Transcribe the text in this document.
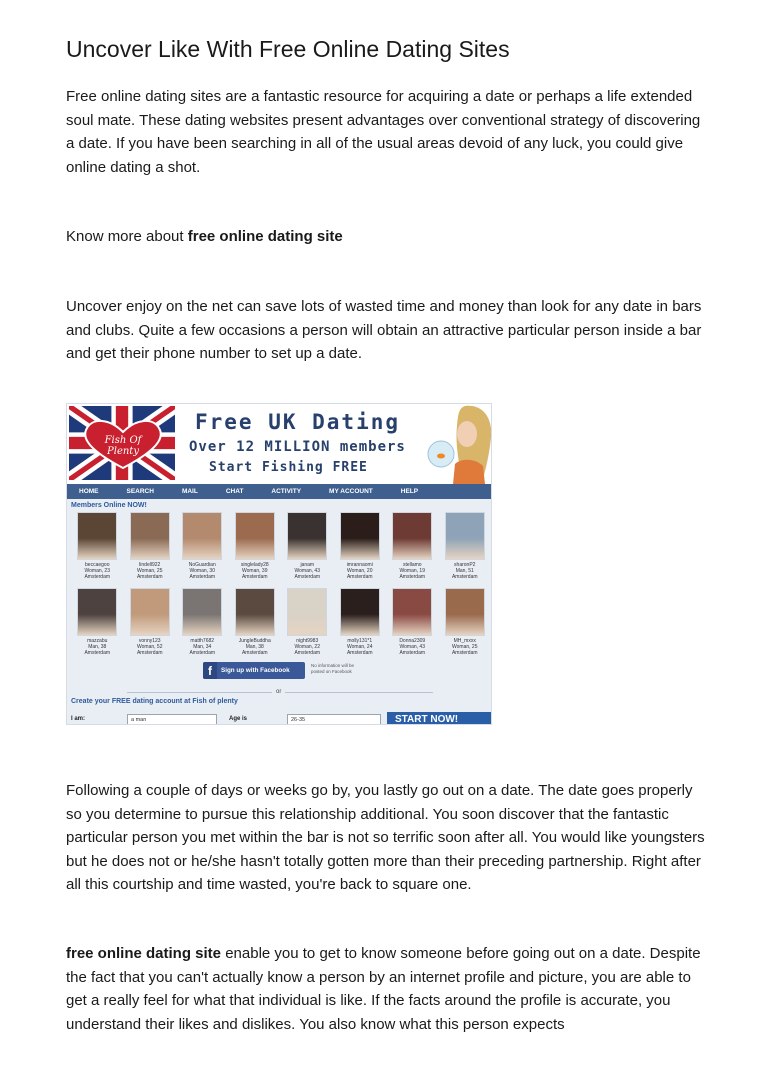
Uncover Like With Free Online Dating Sites

Free online dating sites are a fantastic resource for acquiring a date or perhaps a life extended soul mate. These dating websites present advantages over conventional strategy of discovering a date. If you have been searching in all of the usual areas devoid of any luck, you could give online dating a shot.

Know more about free online dating site

Uncover enjoy on the net can save lots of wasted time and money than look for any date in bars and clubs. Quite a few occasions a person will obtain an attractive particular person inside a bar and get their phone number to set up a date.

Fish Of
Plenty
Free UK Dating
Over 12 MILLION members
Start Fishing FREE
HOME	SEARCH	MAIL	CHAT	ACTIVITY	MY ACCOUNT	HELP
Members Online NOW!
beccaegoo
Woman, 23
Amsterdam
lindell922
Woman, 25
Amsterdam
NoGuardian
Woman, 30
Amsterdam
singlelady28
Woman, 39
Amsterdam
janam
Woman, 43
Amsterdam
imrannaomi
Woman, 20
Amsterdam
stellamo
Woman, 19
Amsterdam
sharonP2
Man, 51
Amsterdam
mazzabu
Man, 38
Amsterdam
vonny123
Woman, 52
Amsterdam
matth7682
Man, 34
Amsterdam
JungleBuddha
Man, 38
Amsterdam
night9983
Woman, 22
Amsterdam
molly131*1
Woman, 24
Amsterdam
Donna2309
Woman, 43
Amsterdam
MH_mxxx
Woman, 25
Amsterdam
f	Sign up with Facebook
No information will be posted on Facebook
or
Create your FREE dating account at Fish of plenty
I am:	a man	Age is	26-35	START NOW!

Following a couple of days or weeks go by, you lastly go out on a date. The date goes properly so you determine to pursue this relationship additional. You soon discover that the fantastic particular person you met within the bar is not so terrific soon after all. You would like youngsters but he does not or he/she hasn't totally gotten more than their preceding partnership. Right after all this courtship and time wasted, you're back to square one.

free online dating site enable you to get to know someone before going out on a date. Despite the fact that you can't actually know a person by an internet profile and picture, you are able to get a really feel for what that individual is like. If the facts around the profile is accurate, you understand their likes and dislikes. You also know what this person expects
